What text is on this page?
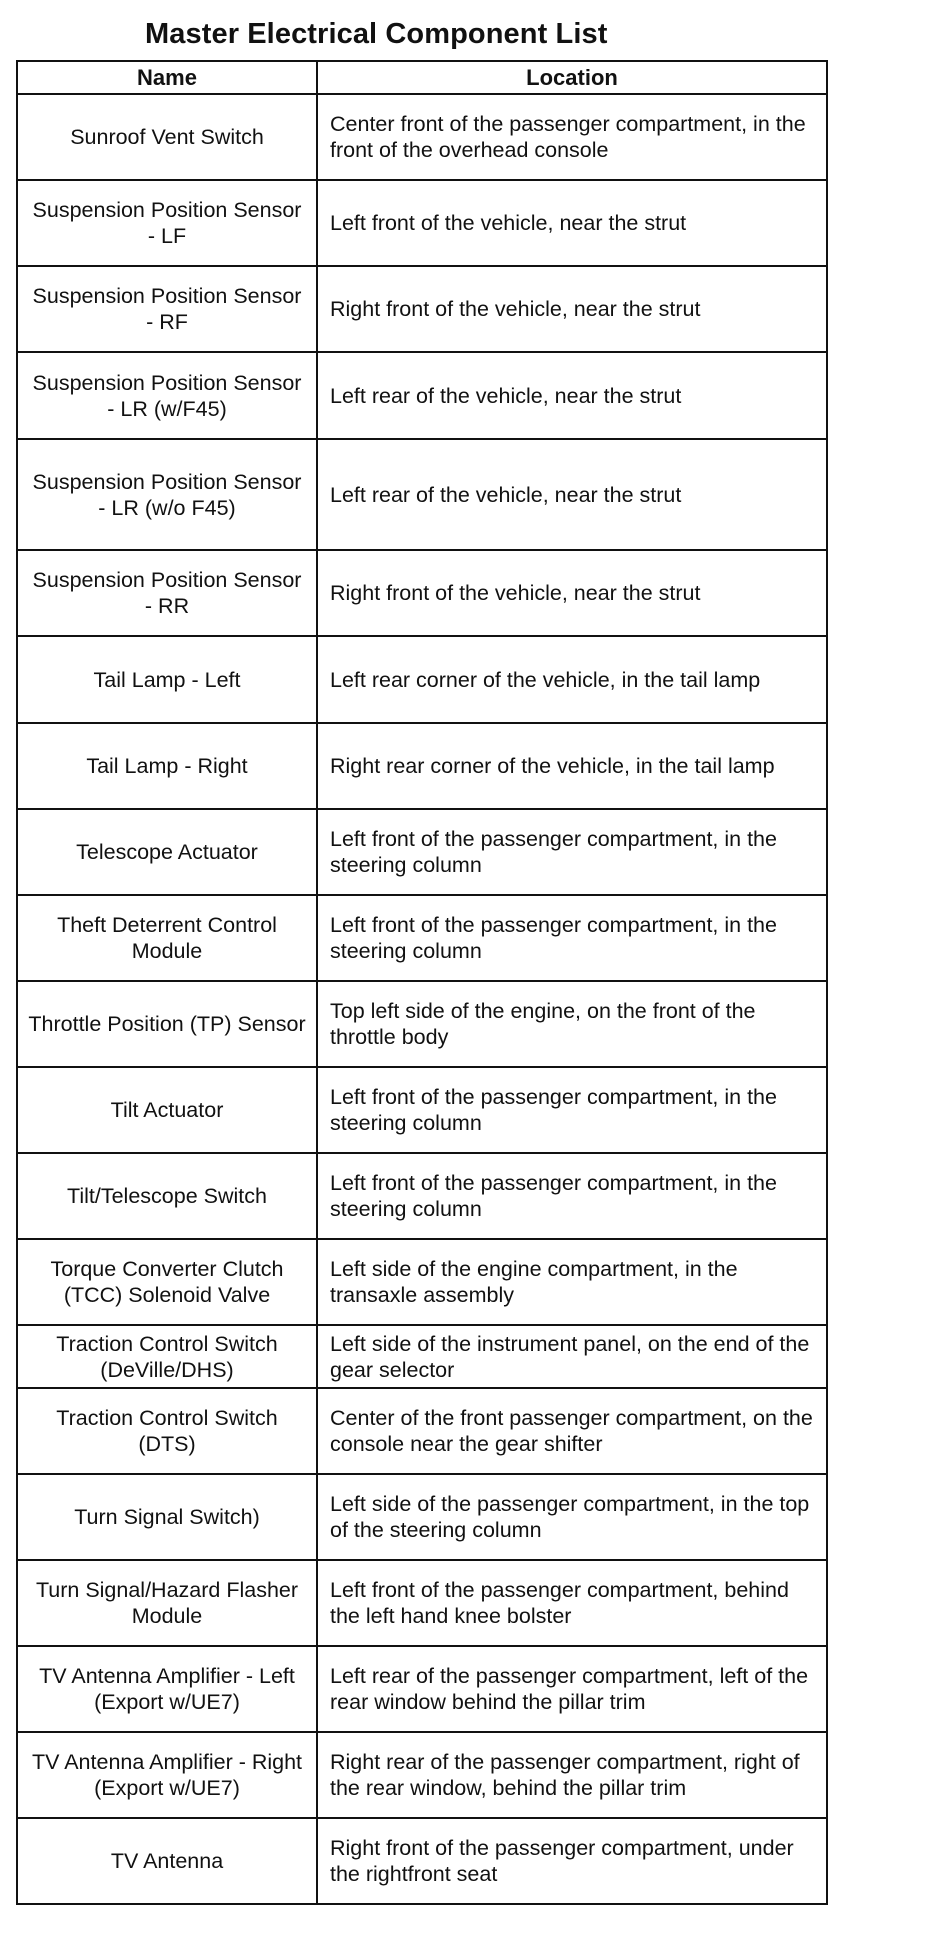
Master Electrical Component List
Name	Location
Sunroof Vent Switch	Center front of the passenger compartment, in the front of the overhead console
Suspension Position Sensor - LF	Left front of the vehicle, near the strut
Suspension Position Sensor - RF	Right front of the vehicle, near the strut
Suspension Position Sensor - LR (w/F45)	Left rear of the vehicle, near the strut
Suspension Position Sensor - LR (w/o F45)	Left rear of the vehicle, near the strut
Suspension Position Sensor - RR	Right front of the vehicle, near the strut
Tail Lamp - Left	Left rear corner of the vehicle, in the tail lamp
Tail Lamp - Right	Right rear corner of the vehicle, in the tail lamp
Telescope Actuator	Left front of the passenger compartment, in the steering column
Theft Deterrent Control Module	Left front of the passenger compartment, in the steering column
Throttle Position (TP) Sensor	Top left side of the engine, on the front of the throttle body
Tilt Actuator	Left front of the passenger compartment, in the steering column
Tilt/Telescope Switch	Left front of the passenger compartment, in the steering column
Torque Converter Clutch (TCC) Solenoid Valve	Left side of the engine compartment, in the transaxle assembly
Traction Control Switch (DeVille/DHS)	Left side of the instrument panel, on the end of the gear selector
Traction Control Switch (DTS)	Center of the front passenger compartment, on the console near the gear shifter
Turn Signal Switch)	Left side of the passenger compartment, in the top of the steering column
Turn Signal/Hazard Flasher Module	Left front of the passenger compartment, behind the left hand knee bolster
TV Antenna Amplifier - Left (Export w/UE7)	Left rear of the passenger compartment, left of the rear window behind the pillar trim
TV Antenna Amplifier - Right (Export w/UE7)	Right rear of the passenger compartment, right of the rear window, behind the pillar trim
TV Antenna	Right front of the passenger compartment, under the rightfront seat
